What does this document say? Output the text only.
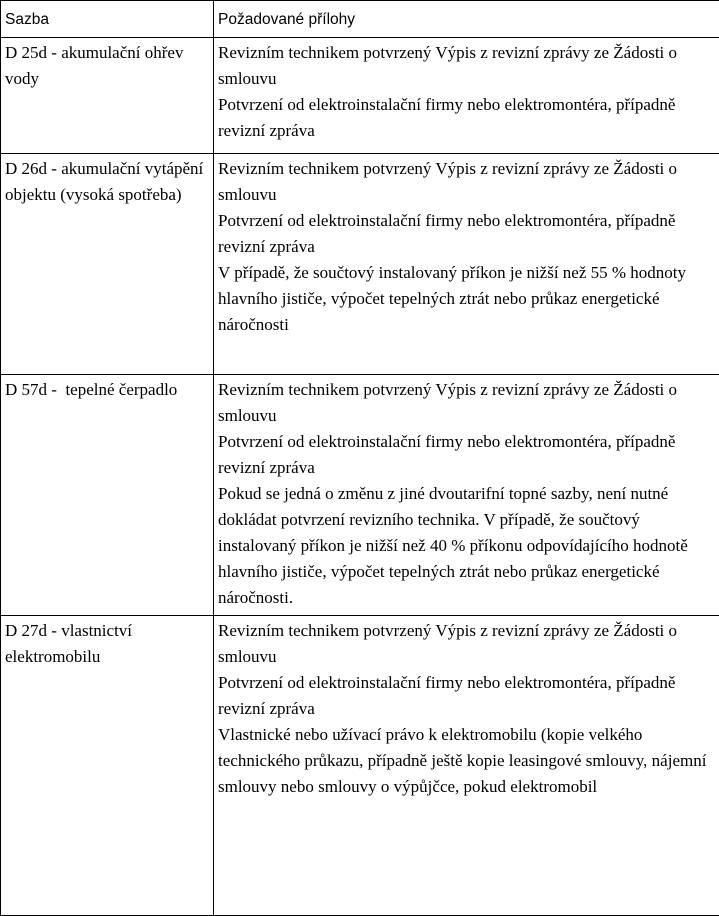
Sazba	Požadované přílohy

D 25d - akumulační ohřev vody	Revizním technikem potvrzený Výpis z revizní zprávy ze Žádosti o smlouvu
Potvrzení od elektroinstalační firmy nebo elektromontéra, případně revizní zpráva

D 26d - akumulační vytápění objektu (vysoká spotřeba)	Revizním technikem potvrzený Výpis z revizní zprávy ze Žádosti o smlouvu
Potvrzení od elektroinstalační firmy nebo elektromontéra, případně revizní zpráva
V případě, že součtový instalovaný příkon je nižší než 55 % hodnoty hlavního jističe, výpočet tepelných ztrát nebo průkaz energetické náročnosti

D 57d -  tepelné čerpadlo	Revizním technikem potvrzený Výpis z revizní zprávy ze Žádosti o smlouvu
Potvrzení od elektroinstalační firmy nebo elektromontéra, případně revizní zpráva
Pokud se jedná o změnu z jiné dvoutarifní topné sazby, není nutné dokládat potvrzení revizního technika. V případě, že součtový instalovaný příkon je nižší než 40 % příkonu odpovídajícího hodnotě hlavního jističe, výpočet tepelných ztrát nebo průkaz energetické náročnosti.

D 27d - vlastnictví elektromobilu	Revizním technikem potvrzený Výpis z revizní zprávy ze Žádosti o smlouvu
Potvrzení od elektroinstalační firmy nebo elektromontéra, případně revizní zpráva
Vlastnické nebo užívací právo k elektromobilu (kopie velkého technického průkazu, případně ještě kopie leasingové smlouvy, nájemní smlouvy nebo smlouvy o výpůjčce, pokud elektromobil
